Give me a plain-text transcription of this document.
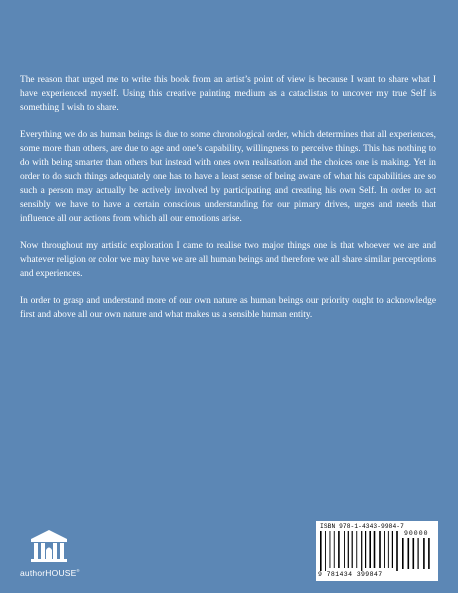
The reason that urged me to write this book from an artist’s point of view is because I want to share what I have experienced myself. Using this creative painting medium as a cataclistas to uncover my true Self is something I wish to share.

Everything we do as human beings is due to some chronological order, which determines that all experiences, some more than others, are due to age and one’s capability, willingness to perceive things. This has nothing to do with being smarter than others but instead with ones own realisation and the choices one is making. Yet in order to do such things adequately one has to have a least sense of being aware of what his capabilities are so such a person may actually be actively involved by participating and creating his own Self. In order to act sensibly we have to have a certain conscious understanding for our pimary drives, urges and needs that influence all our actions from which all our emotions arise.

Now throughout my artistic exploration I came to realise two major things one is that whoever we are and whatever religion or color we may have we are all human beings and therefore we all share similar perceptions and experiences.

In order to grasp and understand more of our own nature as human beings our priority ought to acknowledge first and above all our own nature and what makes us a sensible human entity.

authorHOUSE®
ISBN 978-1-4343-9984-7
90000
9 781434 399847
